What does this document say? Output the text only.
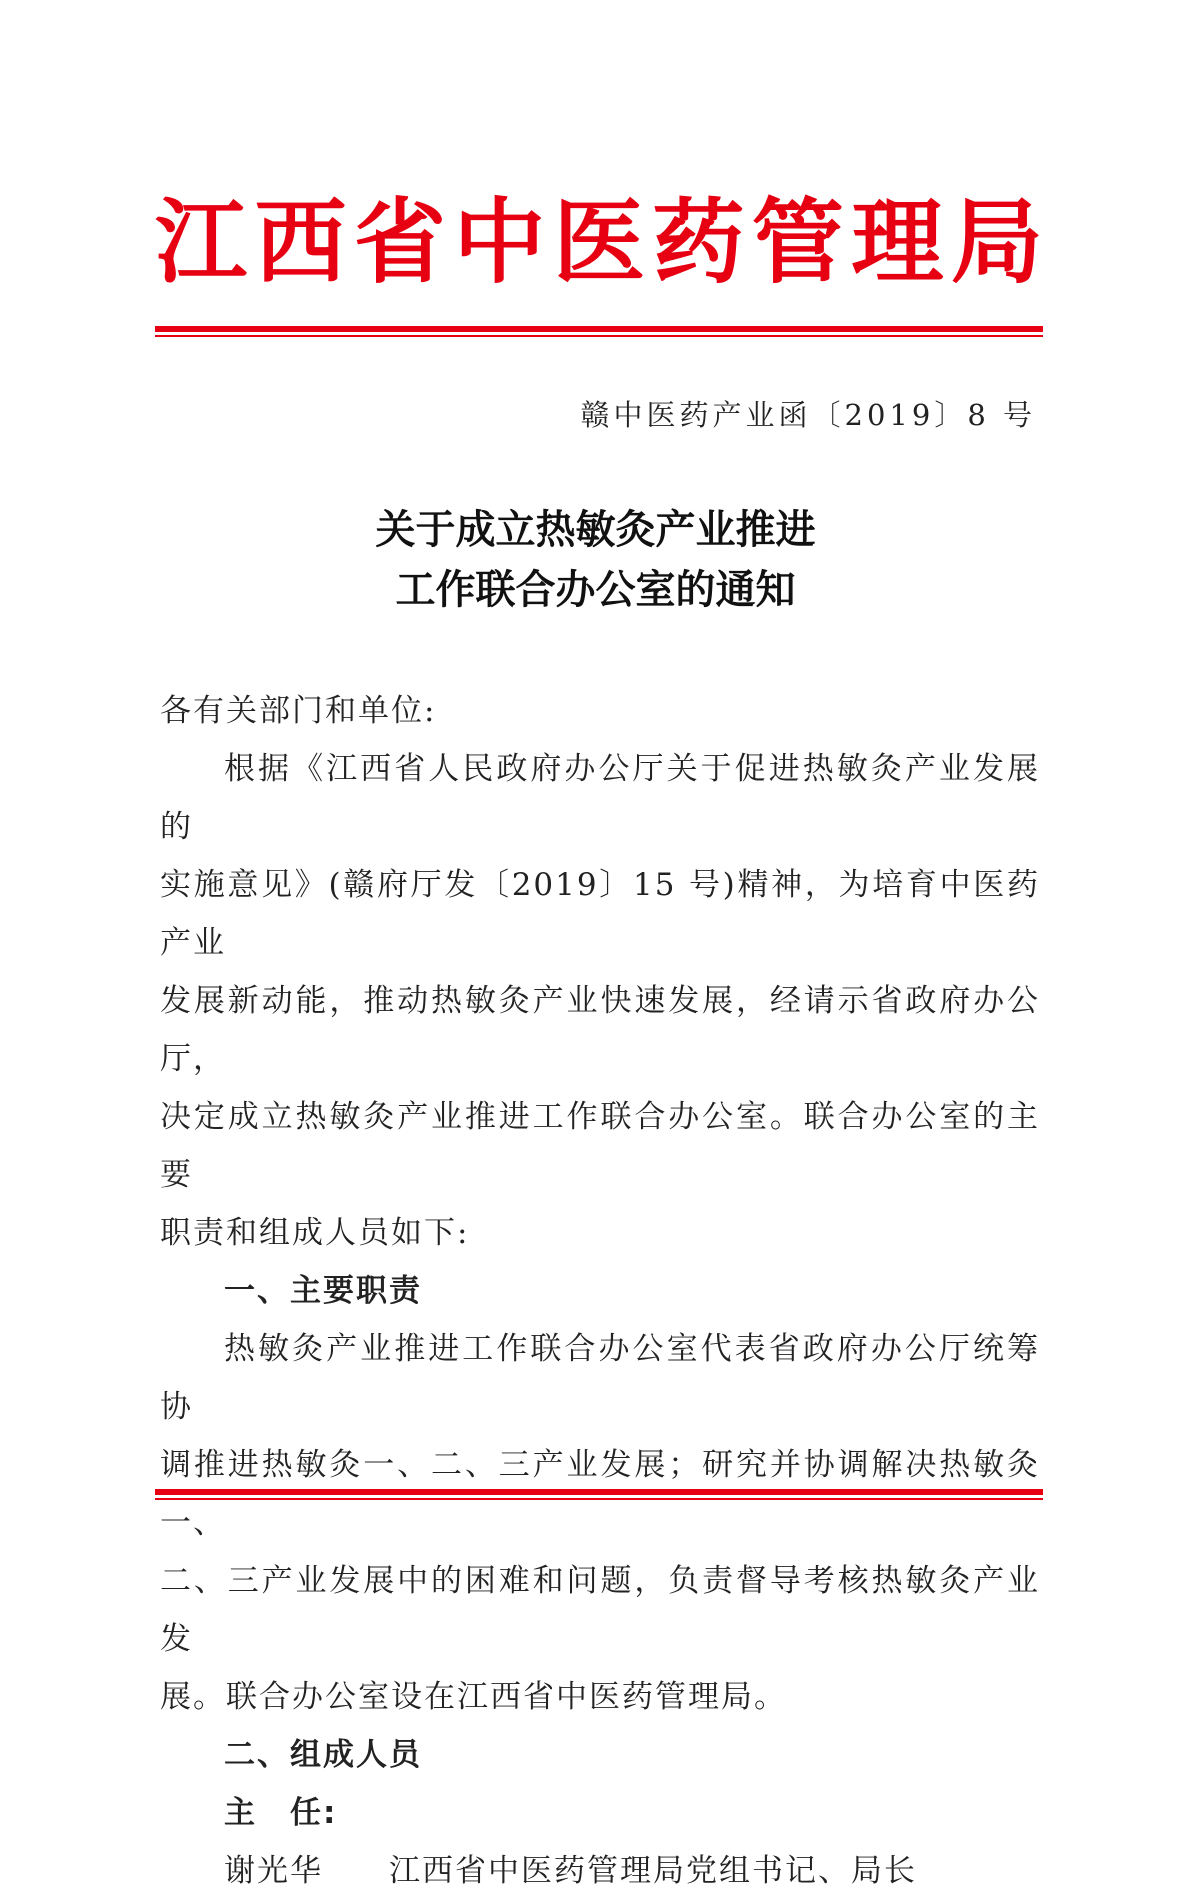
江 西 省 中 医 药 管 理 局
赣中医药产业函〔2019〕8 号
关于成立热敏灸产业推进
工作联合办公室的通知

各有关部门和单位:

根据《江西省人民政府办公厅关于促进热敏灸产业发展的

实施意见》(赣府厅发〔2019〕15 号)精神，为培育中医药产业

发展新动能，推动热敏灸产业快速发展，经请示省政府办公厅，

决定成立热敏灸产业推进工作联合办公室。联合办公室的主要

职责和组成人员如下:

一、主要职责

热敏灸产业推进工作联合办公室代表省政府办公厅统筹协

调推进热敏灸一、二、三产业发展；研究并协调解决热敏灸一、

二、三产业发展中的困难和问题，负责督导考核热敏灸产业发

展。联合办公室设在江西省中医药管理局。

二、组成人员

主　任:

谢光华　　 江西省中医药管理局党组书记、局长
